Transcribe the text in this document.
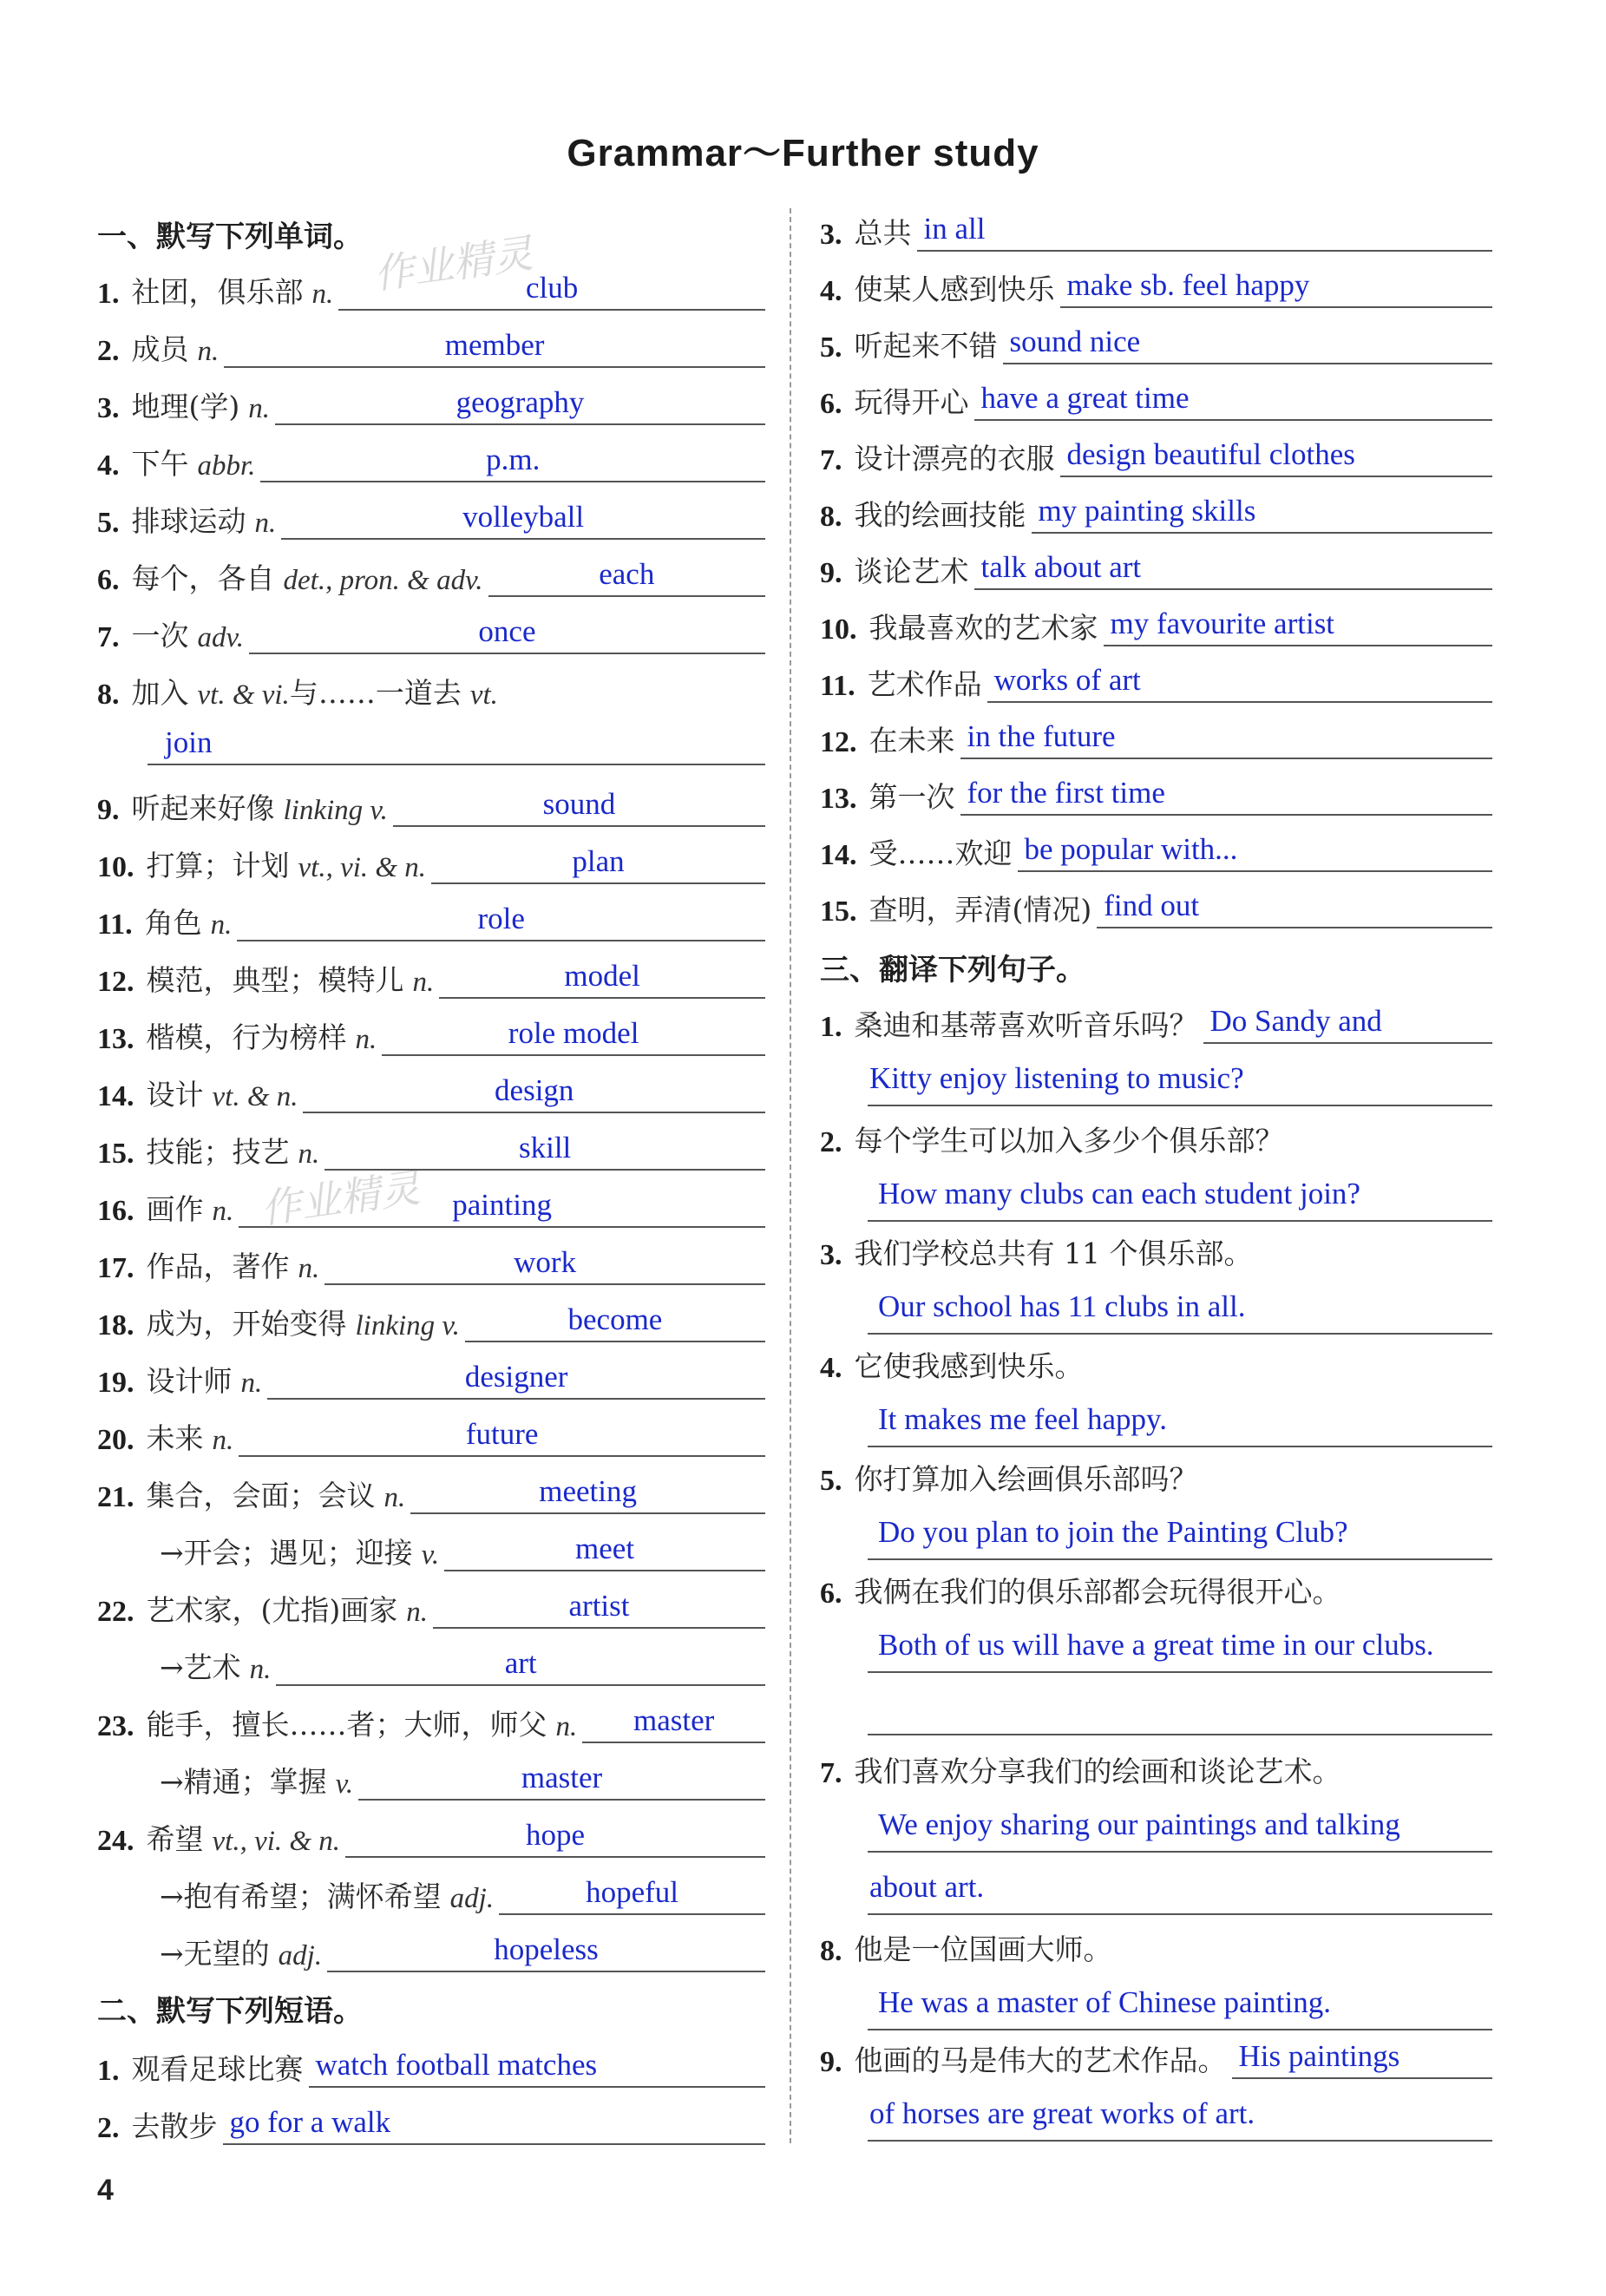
Grammar～Further study
作业精灵
作业精灵
一、默写下列单词。
1. 社团，俱乐部 n.	club
2. 成员 n.	member
3. 地理(学) n.	geography
4. 下午 abbr.	p.m.
5. 排球运动 n.	volleyball
6. 每个，各自 det., pron. & adv.	each
7. 一次 adv.	once
8. 加入 vt. & vi. 与……一道去 vt.
join
9. 听起来好像 linking v.	sound
10. 打算；计划 vt., vi. & n.	plan
11. 角色 n.	role
12. 模范，典型；模特儿 n.	model
13. 楷模，行为榜样 n.	role model
14. 设计 vt. & n.	design
15. 技能；技艺 n.	skill
16. 画作 n.	painting
17. 作品，著作 n.	work
18. 成为，开始变得 linking v.	become
19. 设计师 n.	designer
20. 未来 n.	future
21. 集合，会面；会议 n.	meeting
→开会；遇见；迎接 v.	meet
22. 艺术家，(尤指)画家 n.	artist
→艺术 n.	art
23. 能手，擅长……者；大师，师父 n. master
→精通；掌握 v.	master
24. 希望 vt., vi. & n.	hope
→抱有希望；满怀希望 adj.	hopeful
→无望的 adj.	hopeless
二、默写下列短语。
1. 观看足球比赛 watch football matches
2. 去散步 go for a walk
3. 总共 in all
4. 使某人感到快乐 make sb. feel happy
5. 听起来不错 sound nice
6. 玩得开心 have a great time
7. 设计漂亮的衣服 design beautiful clothes
8. 我的绘画技能 my painting skills
9. 谈论艺术 talk about art
10. 我最喜欢的艺术家 my favourite artist
11. 艺术作品 works of art
12. 在未来 in the future
13. 第一次 for the first time
14. 受……欢迎 be popular with...
15. 查明，弄清(情况) find out
三、翻译下列句子。
1. 桑迪和基蒂喜欢听音乐吗？ Do Sandy and
Kitty enjoy listening to music?
2. 每个学生可以加入多少个俱乐部？
How many clubs can each student join?
3. 我们学校总共有 11 个俱乐部。
Our school has 11 clubs in all.
4. 它使我感到快乐。
It makes me feel happy.
5. 你打算加入绘画俱乐部吗？
Do you plan to join the Painting Club?
6. 我俩在我们的俱乐部都会玩得很开心。
Both of us will have a great time in our clubs.
7. 我们喜欢分享我们的绘画和谈论艺术。
We enjoy sharing our paintings and talking
about art.
8. 他是一位国画大师。
He was a master of Chinese painting.
9. 他画的马是伟大的艺术作品。 His paintings
of horses are great works of art.
4
